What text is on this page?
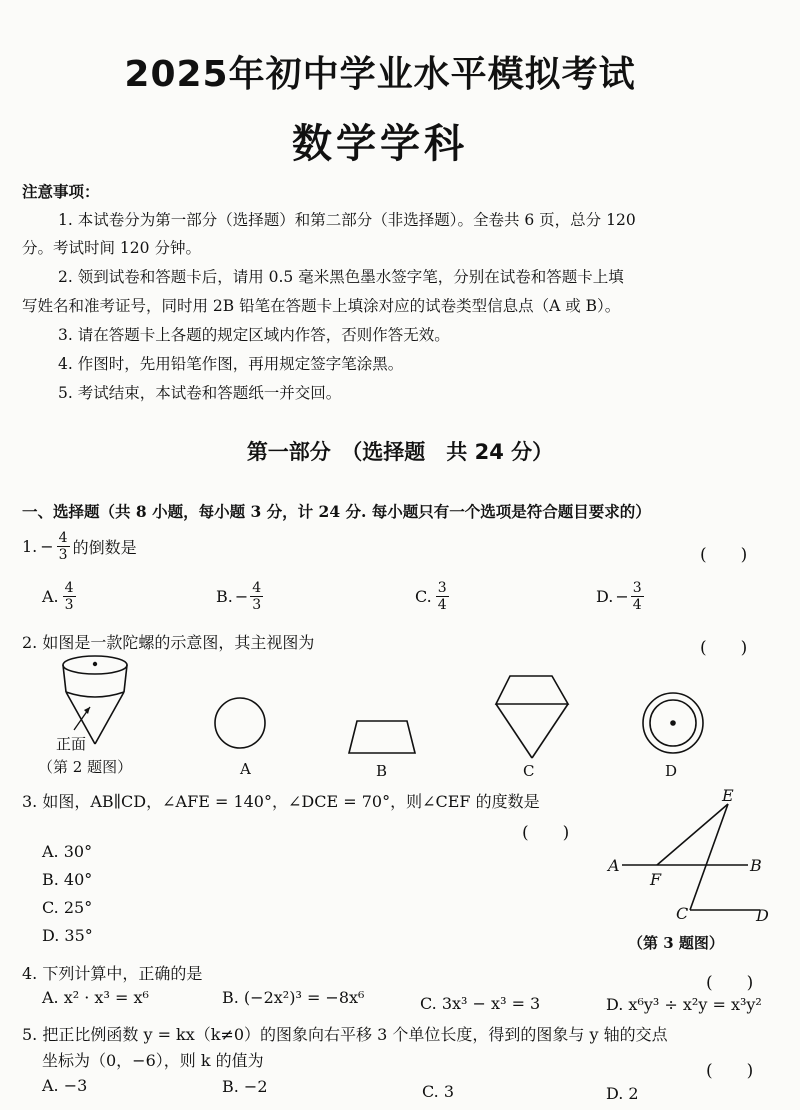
2025年初中学业水平模拟考试
数学学科
注意事项：
1. 本试卷分为第一部分（选择题）和第二部分（非选择题）。全卷共 6 页，总分 120
分。考试时间 120 分钟。
2. 领到试卷和答题卡后，请用 0.5 毫米黑色墨水签字笔，分别在试卷和答题卡上填
写姓名和准考证号，同时用 2B 铅笔在答题卡上填涂对应的试卷类型信息点（A 或 B）。
3. 请在答题卡上各题的规定区域内作答，否则作答无效。
4. 作图时，先用铅笔作图，再用规定签字笔涂黑。
5. 考试结束，本试卷和答题纸一并交回。
第一部分　（选择题　共 24 分）
一、选择题（共 8 小题，每小题 3 分，计 24 分. 每小题只有一个选项是符合题目要求的）
1. − $\frac{4}{3}$ 的倒数是	(　　)
A. $\frac{4}{3}$	B. − $\frac{4}{3}$	C. $\frac{3}{4}$	D. − $\frac{3}{4}$
2. 如图是一款陀螺的示意图，其主视图为	(　　)
正面
（第 2 题图）	A	B	C	D
3. 如图，AB∥CD，∠AFE = 140°，∠DCE = 70°，则∠CEF 的度数是
(　　)
A. 30°
B. 40°
C. 25°
D. 35°
E
A	B
F
C	D
（第 3 题图）
4. 下列计算中，正确的是	(　　)
A. x² · x³ = x⁶	B. (−2x²)³ = −8x⁶	C. 3x³ − x³ = 3	D. x⁶y³ ÷ x²y = x³y²
5. 把正比例函数 y = kx（k≠0）的图象向右平移 3 个单位长度，得到的图象与 y 轴的交点
坐标为（0，−6），则 k 的值为
(　　)
A. −3	B. −2	C. 3	D. 2
